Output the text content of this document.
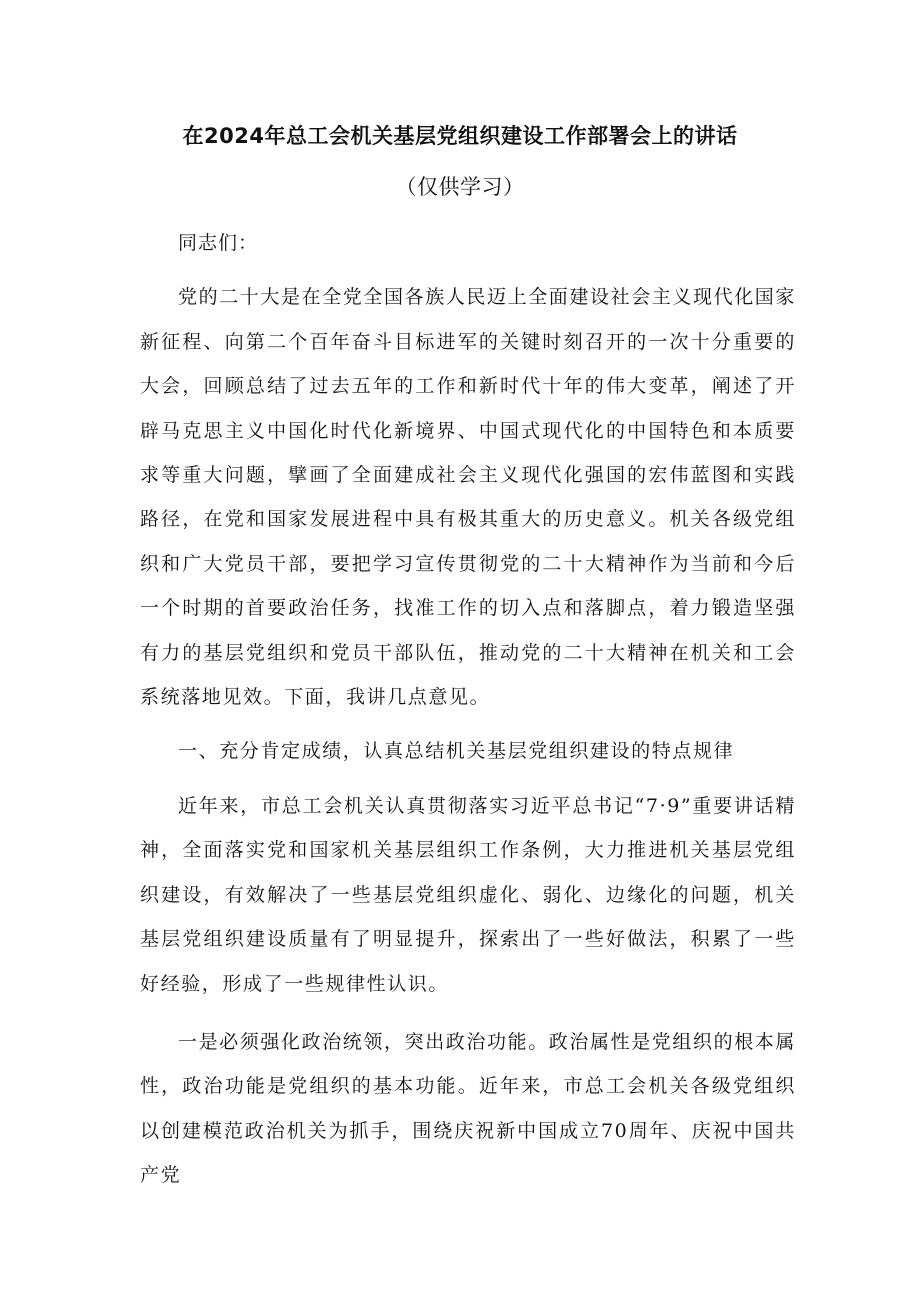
在2024年总工会机关基层党组织建设工作部署会上的讲话
（仅供学习）

同志们：

党的二十大是在全党全国各族人民迈上全面建设社会主义现代化国家新征程、向第二个百年奋斗目标进军的关键时刻召开的一次十分重要的大会，回顾总结了过去五年的工作和新时代十年的伟大变革，阐述了开辟马克思主义中国化时代化新境界、中国式现代化的中国特色和本质要求等重大问题，擘画了全面建成社会主义现代化强国的宏伟蓝图和实践路径，在党和国家发展进程中具有极其重大的历史意义。机关各级党组织和广大党员干部，要把学习宣传贯彻党的二十大精神作为当前和今后一个时期的首要政治任务，找准工作的切入点和落脚点，着力锻造坚强有力的基层党组织和党员干部队伍，推动党的二十大精神在机关和工会系统落地见效。下面，我讲几点意见。

一、充分肯定成绩，认真总结机关基层党组织建设的特点规律

近年来，市总工会机关认真贯彻落实习近平总书记“7·9”重要讲话精神，全面落实党和国家机关基层组织工作条例，大力推进机关基层党组织建设，有效解决了一些基层党组织虚化、弱化、边缘化的问题，机关基层党组织建设质量有了明显提升，探索出了一些好做法，积累了一些好经验，形成了一些规律性认识。

一是必须强化政治统领，突出政治功能。政治属性是党组织的根本属性，政治功能是党组织的基本功能。近年来，市总工会机关各级党组织以创建模范政治机关为抓手，围绕庆祝新中国成立70周年、庆祝中国共产党
